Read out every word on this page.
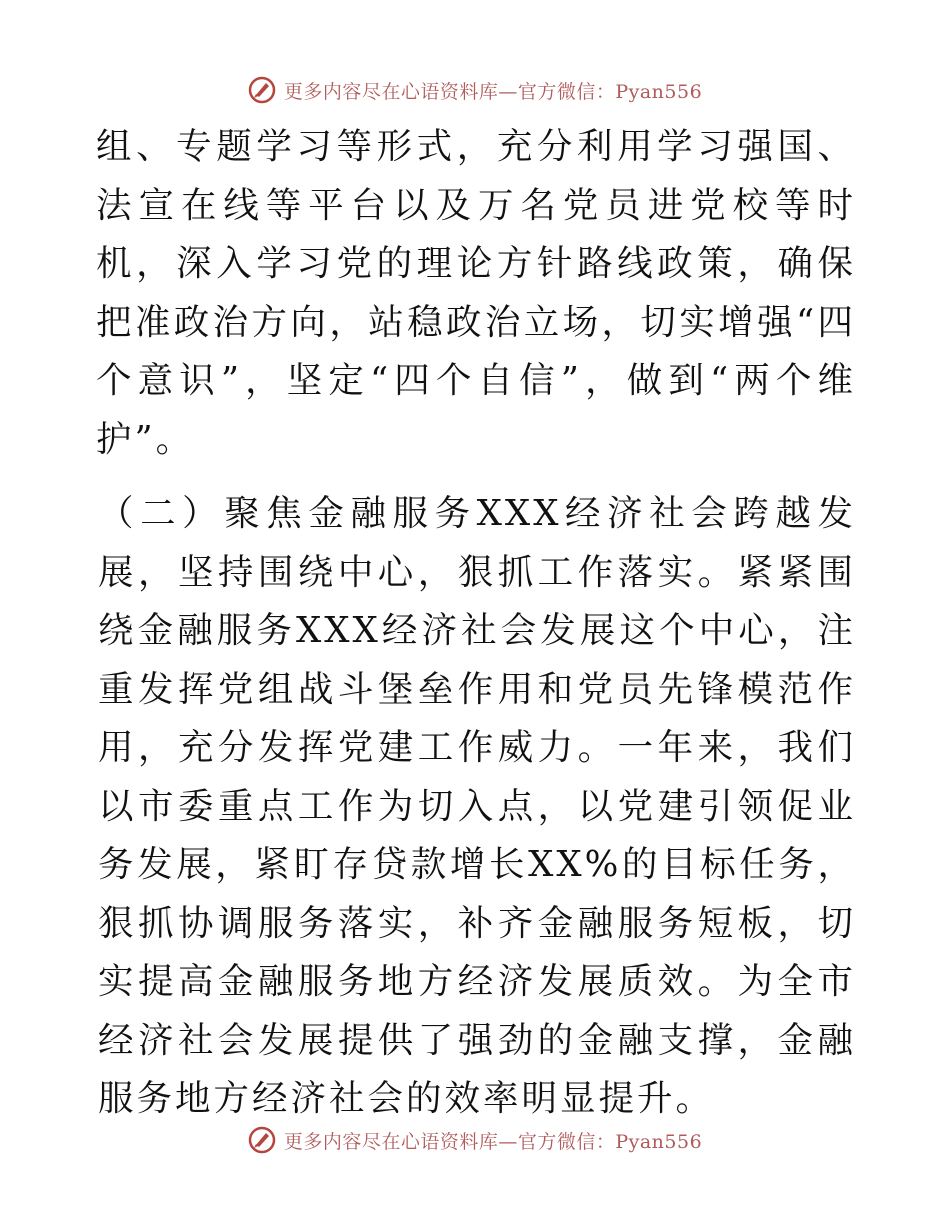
更多内容尽在心语资料库—官方微信：Pyan556

组、专题学习等形式，充分利用学习强国、法宣在线等平台以及万名党员进党校等时机，深入学习党的理论方针路线政策，确保把准政治方向，站稳政治立场，切实增强“四个意识”，坚定“四个自信”，做到“两个维护”。

（二）聚焦金融服务XXX经济社会跨越发展，坚持围绕中心，狠抓工作落实。紧紧围绕金融服务XXX经济社会发展这个中心，注重发挥党组战斗堡垒作用和党员先锋模范作用，充分发挥党建工作威力。一年来，我们以市委重点工作为切入点，以党建引领促业务发展，紧盯存贷款增长XX%的目标任务，狠抓协调服务落实，补齐金融服务短板，切实提高金融服务地方经济发展质效。为全市经济社会发展提供了强劲的金融支撑，金融服务地方经济社会的效率明显提升。

更多内容尽在心语资料库—官方微信：Pyan556
